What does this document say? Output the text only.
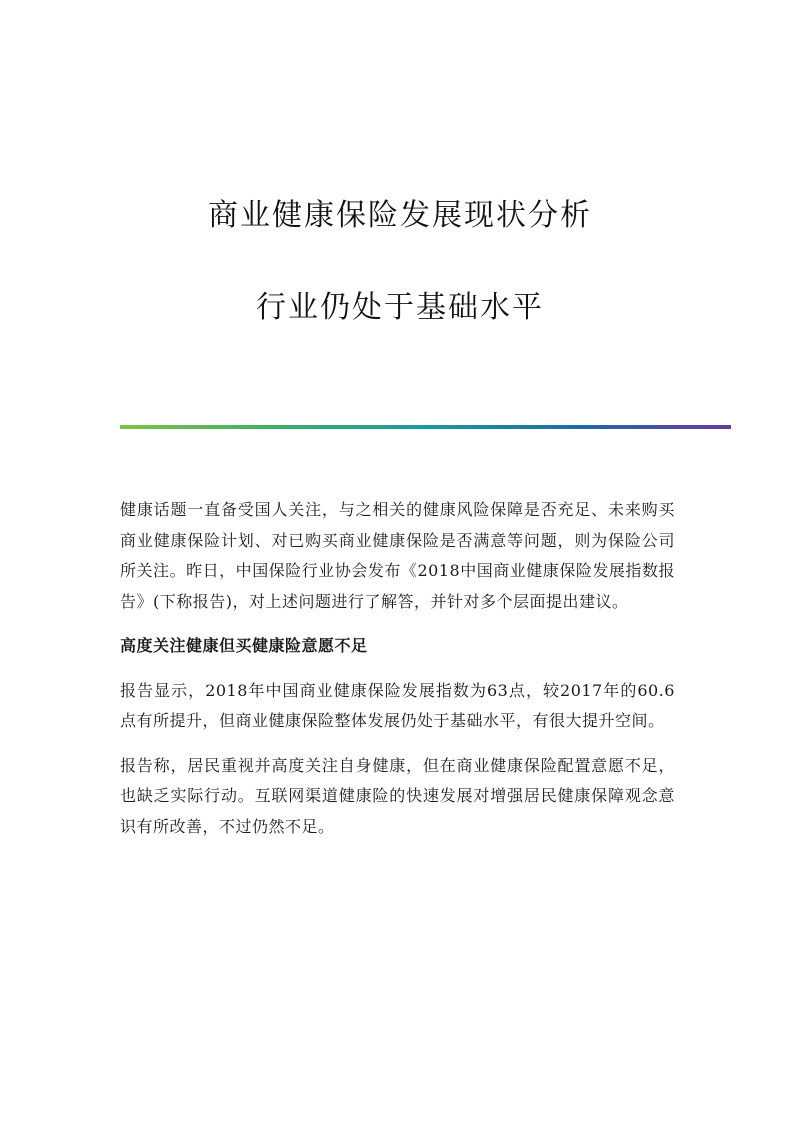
商业健康保险发展现状分析
行业仍处于基础水平

健康话题一直备受国人关注，与之相关的健康风险保障是否充足、未来购买商业健康保险计划、对已购买商业健康保险是否满意等问题，则为保险公司所关注。昨日，中国保险行业协会发布《2018中国商业健康保险发展指数报告》(下称报告)，对上述问题进行了解答，并针对多个层面提出建议。

高度关注健康但买健康险意愿不足

报告显示，2018年中国商业健康保险发展指数为63点，较2017年的60.6点有所提升，但商业健康保险整体发展仍处于基础水平，有很大提升空间。

报告称，居民重视并高度关注自身健康，但在商业健康保险配置意愿不足，也缺乏实际行动。互联网渠道健康险的快速发展对增强居民健康保障观念意识有所改善，不过仍然不足。
